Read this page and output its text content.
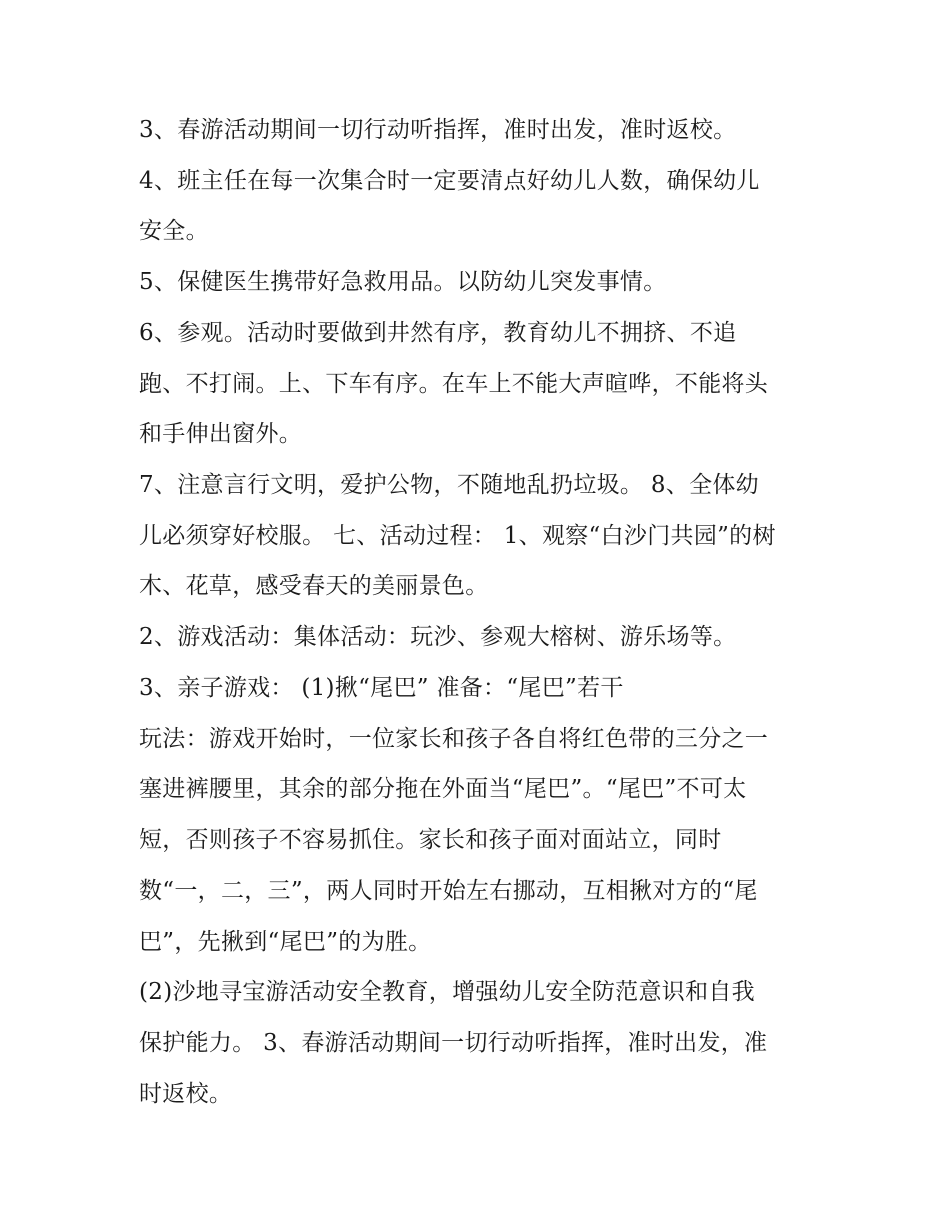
3、春游活动期间一切行动听指挥，准时出发，准时返校。
4、班主任在每一次集合时一定要清点好幼儿人数，确保幼儿
安全。
5、保健医生携带好急救用品。以防幼儿突发事情。
6、参观。活动时要做到井然有序，教育幼儿不拥挤、不追
跑、不打闹。上、下车有序。在车上不能大声暄哗，不能将头
和手伸出窗外。
7、注意言行文明，爱护公物，不随地乱扔垃圾。 8、全体幼
儿必须穿好校服。 七、活动过程： 1、观察“白沙门共园”的树
木、花草，感受春天的美丽景色。
2、游戏活动：集体活动：玩沙、参观大榕树、游乐场等。
3、亲子游戏： (1)揪“尾巴” 准备：“尾巴”若干
玩法：游戏开始时，一位家长和孩子各自将红色带的三分之一
塞进裤腰里，其余的部分拖在外面当“尾巴”。“尾巴”不可太
短，否则孩子不容易抓住。家长和孩子面对面站立，同时
数“一，二，三”，两人同时开始左右挪动，互相揪对方的“尾
巴”，先揪到“尾巴”的为胜。
(2)沙地寻宝游活动安全教育，增强幼儿安全防范意识和自我
保护能力。 3、春游活动期间一切行动听指挥，准时出发，准
时返校。
